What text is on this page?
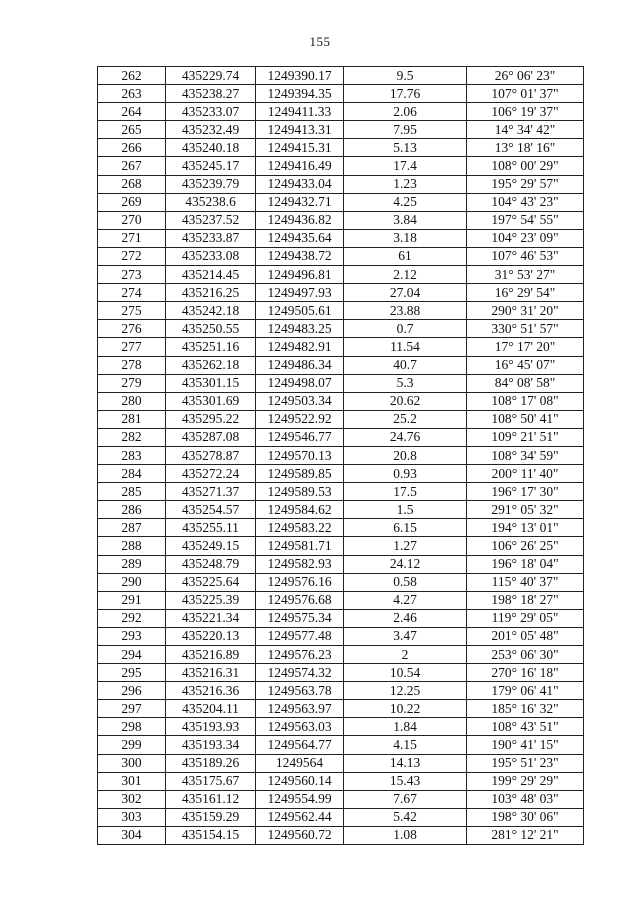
155
262	435229.74	1249390.17	9.5	26° 06' 23"
263	435238.27	1249394.35	17.76	107° 01' 37"
264	435233.07	1249411.33	2.06	106° 19' 37"
265	435232.49	1249413.31	7.95	14° 34' 42"
266	435240.18	1249415.31	5.13	13° 18' 16"
267	435245.17	1249416.49	17.4	108° 00' 29"
268	435239.79	1249433.04	1.23	195° 29' 57"
269	435238.6	1249432.71	4.25	104° 43' 23"
270	435237.52	1249436.82	3.84	197° 54' 55"
271	435233.87	1249435.64	3.18	104° 23' 09"
272	435233.08	1249438.72	61	107° 46' 53"
273	435214.45	1249496.81	2.12	31° 53' 27"
274	435216.25	1249497.93	27.04	16° 29' 54"
275	435242.18	1249505.61	23.88	290° 31' 20"
276	435250.55	1249483.25	0.7	330° 51' 57"
277	435251.16	1249482.91	11.54	17° 17' 20"
278	435262.18	1249486.34	40.7	16° 45' 07"
279	435301.15	1249498.07	5.3	84° 08' 58"
280	435301.69	1249503.34	20.62	108° 17' 08"
281	435295.22	1249522.92	25.2	108° 50' 41"
282	435287.08	1249546.77	24.76	109° 21' 51"
283	435278.87	1249570.13	20.8	108° 34' 59"
284	435272.24	1249589.85	0.93	200° 11' 40"
285	435271.37	1249589.53	17.5	196° 17' 30"
286	435254.57	1249584.62	1.5	291° 05' 32"
287	435255.11	1249583.22	6.15	194° 13' 01"
288	435249.15	1249581.71	1.27	106° 26' 25"
289	435248.79	1249582.93	24.12	196° 18' 04"
290	435225.64	1249576.16	0.58	115° 40' 37"
291	435225.39	1249576.68	4.27	198° 18' 27"
292	435221.34	1249575.34	2.46	119° 29' 05"
293	435220.13	1249577.48	3.47	201° 05' 48"
294	435216.89	1249576.23	2	253° 06' 30"
295	435216.31	1249574.32	10.54	270° 16' 18"
296	435216.36	1249563.78	12.25	179° 06' 41"
297	435204.11	1249563.97	10.22	185° 16' 32"
298	435193.93	1249563.03	1.84	108° 43' 51"
299	435193.34	1249564.77	4.15	190° 41' 15"
300	435189.26	1249564	14.13	195° 51' 23"
301	435175.67	1249560.14	15.43	199° 29' 29"
302	435161.12	1249554.99	7.67	103° 48' 03"
303	435159.29	1249562.44	5.42	198° 30' 06"
304	435154.15	1249560.72	1.08	281° 12' 21"
